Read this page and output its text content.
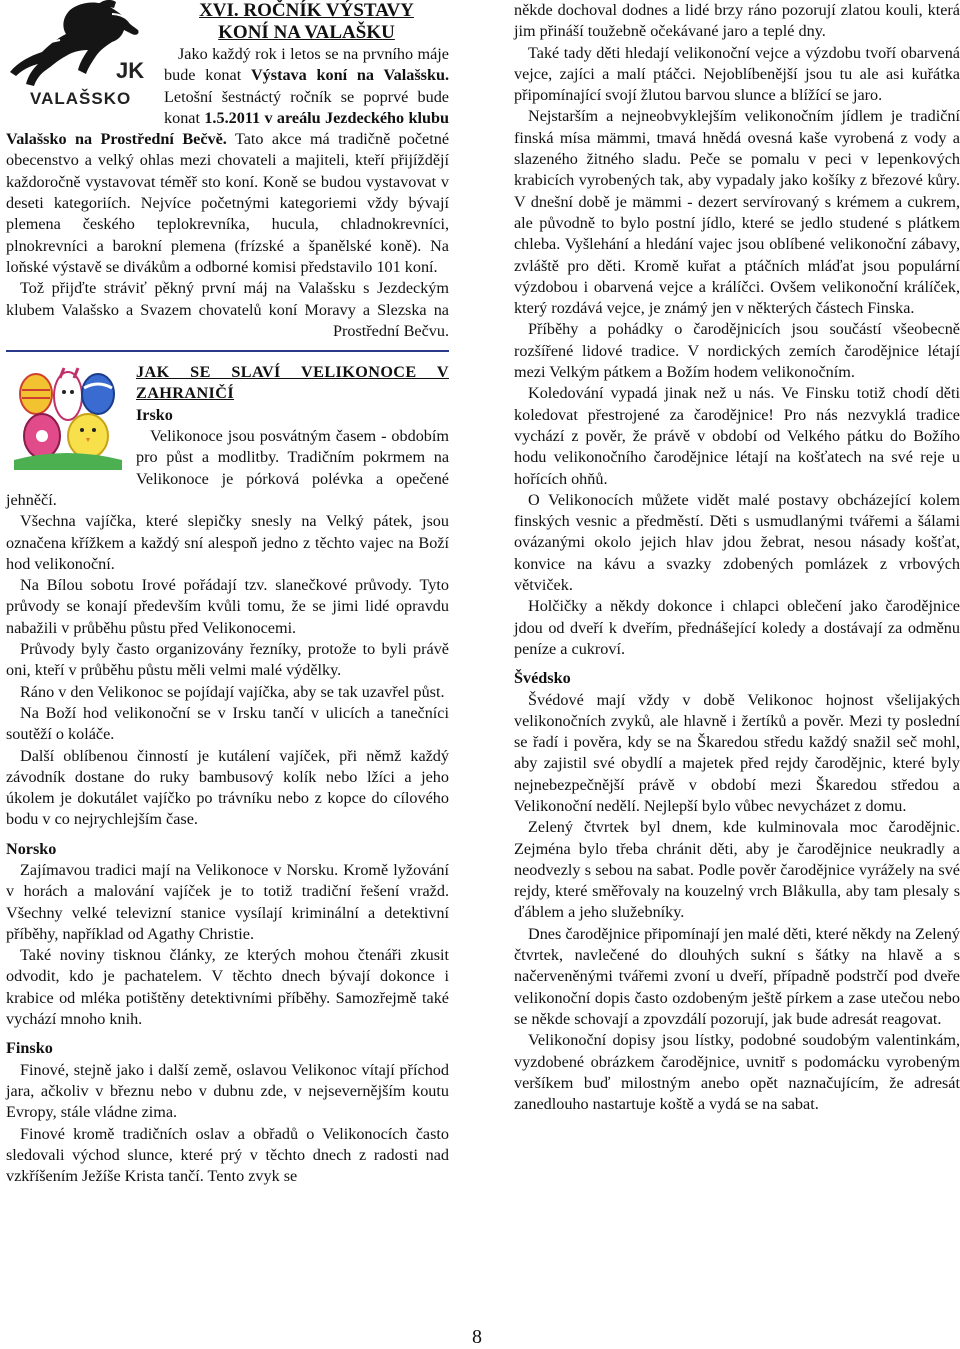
JK
VALAŠSKO
XVI. ROČNÍK VÝSTAVY
KONÍ NA VALAŠKU

Jako každý rok i letos se na prvního máje bude konat Výstava koní na Valašsku. Letošní šestnáctý ročník se poprvé bude konat 1.5.2011 v areálu Jezdeckého klubu Valašsko na Prostřední Bečvě. Tato akce má tradičně početné obecenstvo a velký ohlas mezi chovateli a majiteli, kteří přijíždějí každoročně vystavovat téměř sto koní. Koně se budou vystavovat v deseti kategoriích. Nejvíce početnými kategoriemi vždy bývají plemena českého teplokrevníka, hucula, chladnokrevníci, plnokrevníci a barokní plemena (frízské a španělské koně). Na loňské výstavě se divákům a odborné komisi představilo 101 koní.

Tož přijďte stráviť pěkný první máj na Valašsku s Jezdeckým klubem Valašsko a Svazem chovatelů koní Moravy a Slezska na Prostřední Bečvu.

JAK SE SLAVÍ VELIKONOCE V ZAHRANIČÍ
Irsko

Velikonoce jsou posvátným časem - obdobím pro půst a modlitby. Tradičním pokrmem na Velikonoce je pórková polévka a opečené jehněčí.

Všechna vajíčka, které slepičky snesly na Velký pátek, jsou označena křížkem a každý sní alespoň jedno z těchto vajec na Boží hod velikonoční.

Na Bílou sobotu Irové pořádají tzv. slanečkové průvody. Tyto průvody se konají především kvůli tomu, že se jimi lidé opravdu nabažili v průběhu půstu před Velikonocemi.

Průvody byly často organizovány řezníky, protože to byli právě oni, kteří v průběhu půstu měli velmi malé výdělky.

Ráno v den Velikonoc se pojídají vajíčka, aby se tak uzavřel půst.

Na Boží hod velikonoční se v Irsku tančí v ulicích a tanečníci soutěží o koláče.

Další oblíbenou činností je kutálení vajíček, při němž každý závodník dostane do ruky bambusový kolík nebo lžíci a jeho úkolem je dokutálet vajíčko po trávníku nebo z kopce do cílového bodu v co nejrychlejším čase.

Norsko

Zajímavou tradici mají na Velikonoce v Norsku. Kromě lyžování v horách a malování vajíček je to totiž tradiční řešení vražd. Všechny velké televizní stanice vysílají kriminální a detektivní příběhy, například od Agathy Christie.

Také noviny tisknou články, ze kterých mohou čtenáři zkusit odvodit, kdo je pachatelem. V těchto dnech bývají dokonce i krabice od mléka potištěny detektivními příběhy. Samozřejmě také vychází mnoho knih.

Finsko

Finové, stejně jako i další země, oslavou Velikonoc vítají příchod jara, ačkoliv v březnu nebo v dubnu zde, v nejsevernějším koutu Evropy, stále vládne zima.

Finové kromě tradičních oslav a obřadů o Velikonocích často sledovali východ slunce, které prý v těchto dnech z radosti nad vzkříšením Ježíše Krista tančí. Tento zvyk se

někde dochoval dodnes a lidé brzy ráno pozorují zlatou kouli, která jim přináší toužebně očekávané jaro a teplé dny.

Také tady děti hledají velikonoční vejce a výzdobu tvoří obarvená vejce, zajíci a malí ptáčci. Nejoblíbenější jsou tu ale asi kuřátka připomínající svojí žlutou barvou slunce a blížící se jaro.

Nejstarším a nejneobvyklejším velikonočním jídlem je tradiční finská mísa mämmi, tmavá hnědá ovesná kaše vyrobená z vody a slazeného žitného sladu. Peče se pomalu v peci v lepenkových krabicích vyrobených tak, aby vypadaly jako košíky z březové kůry. V dnešní době je mämmi - dezert servírovaný s krémem a cukrem, ale původně to bylo postní jídlo, které se jedlo studené s plátkem chleba. Vyšlehání a hledání vajec jsou oblíbené velikonoční zábavy, zvláště pro děti. Kromě kuřat a ptáčních mláďat jsou populární výzdobou i obarvená vejce a králíčci. Ovšem velikonoční králíček, který rozdává vejce, je známý jen v některých částech Finska.

Příběhy a pohádky o čarodějnicích jsou součástí všeobecně rozšířené lidové tradice. V nordických zemích čarodějnice létají mezi Velkým pátkem a Božím hodem velikonočním.

Koledování vypadá jinak než u nás. Ve Finsku totiž chodí děti koledovat přestrojené za čarodějnice! Pro nás nezvyklá tradice vychází z pověr, že právě v období od Velkého pátku do Božího hodu velikonočního čarodějnice létají na košťatech na své reje u hořících ohňů.

O Velikonocích můžete vidět malé postavy obcházející kolem finských vesnic a předměstí. Děti s usmudlanými tvářemi a šálami ovázanými okolo jejich hlav jdou žebrat, nesou násady košťat, konvice na kávu a svazky zdobených pomlázek z vrbových větviček.

Holčičky a někdy dokonce i chlapci oblečení jako čarodějnice jdou od dveří k dveřím, přednášející koledy a dostávají za odměnu peníze a cukroví.

Švédsko

Švédové mají vždy v době Velikonoc hojnost všelijakých velikonočních zvyků, ale hlavně i žertíků a pověr. Mezi ty poslední se řadí i pověra, kdy se na Škaredou středu každý snažil seč mohl, aby zajistil své obydlí a majetek před rejdy čarodějnic, které byly nejnebezpečnější právě v období mezi Škaredou středou a Velikonoční nedělí. Nejlepší bylo vůbec nevycházet z domu.

Zelený čtvrtek byl dnem, kde kulminovala moc čarodějnic. Zejména bylo třeba chránit děti, aby je čarodějnice neukradly a neodvezly s sebou na sabat. Podle pověr čarodějnice vyrážely na své rejdy, které směřovaly na kouzelný vrch Blåkulla, aby tam plesaly s ďáblem a jeho služebníky.

Dnes čarodějnice připomínají jen malé děti, které někdy na Zelený čtvrtek, navlečené do dlouhých sukní s šátky na hlavě a s načerveněnými tvářemi zvoní u dveří, případně podstrčí pod dveře velikonoční dopis často ozdobeným ještě pírkem a zase utečou nebo se někde schovají a zpovzdálí pozorují, jak bude adresát reagovat.

Velikonoční dopisy jsou lístky, podobné soudobým valentinkám, vyzdobené obrázkem čarodějnice, uvnitř s podomácku vyrobeným veršíkem buď milostným anebo opět naznačujícím, že adresát zanedlouho nastartuje koště a vydá se na sabat.

8
